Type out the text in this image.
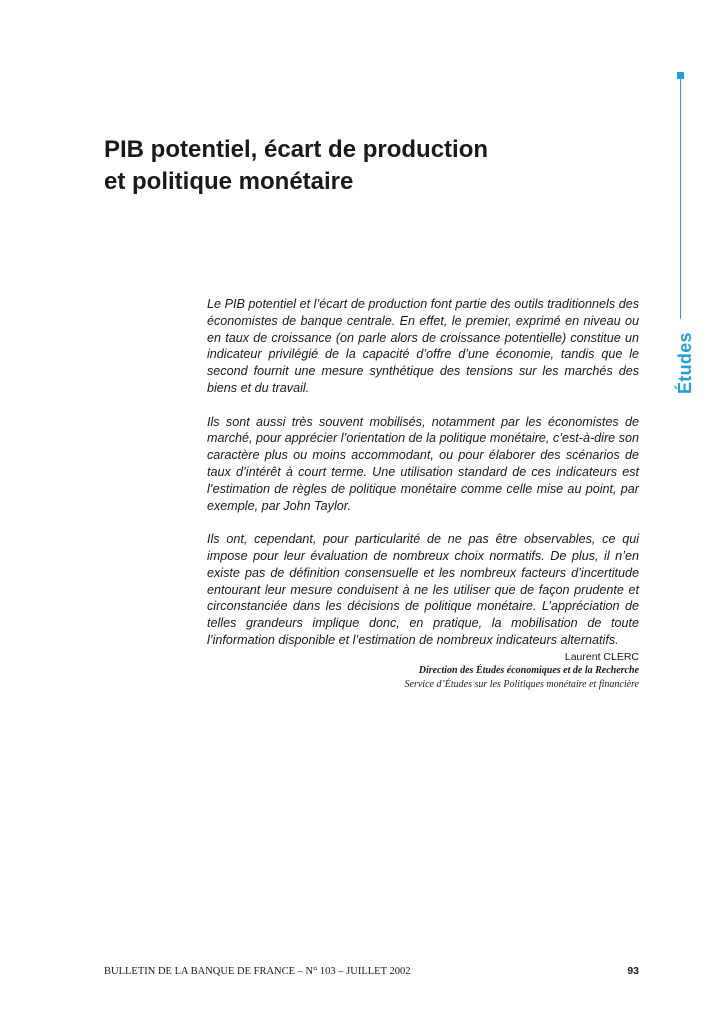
Études
PIB potentiel, écart de production
et politique monétaire

Le PIB potentiel et l’écart de production font partie des outils traditionnels des économistes de banque centrale. En effet, le premier, exprimé en niveau ou en taux de croissance (on parle alors de croissance potentielle) constitue un indicateur privilégié de la capacité d’offre d’une économie, tandis que le second fournit une mesure synthétique des tensions sur les marchés des biens et du travail.

Ils sont aussi très souvent mobilisés, notamment par les économistes de marché, pour apprécier l’orientation de la politique monétaire, c’est-à-dire son caractère plus ou moins accommodant, ou pour élaborer des scénarios de taux d’intérêt à court terme. Une utilisation standard de ces indicateurs est l’estimation de règles de politique monétaire comme celle mise au point, par exemple, par John Taylor.

Ils ont, cependant, pour particularité de ne pas être observables, ce qui impose pour leur évaluation de nombreux choix normatifs. De plus, il n’en existe pas de définition consensuelle et les nombreux facteurs d’incertitude entourant leur mesure conduisent à ne les utiliser que de façon prudente et circonstanciée dans les décisions de politique monétaire. L’appréciation de telles grandeurs implique donc, en pratique, la mobilisation de toute l’information disponible et l’estimation de nombreux indicateurs alternatifs.

Laurent CLERC
Direction des Études économiques et de la Recherche
Service d’Études sur les Politiques monétaire et financière
BULLETIN DE LA BANQUE DE FRANCE – N° 103 – JUILLET 2002	93
